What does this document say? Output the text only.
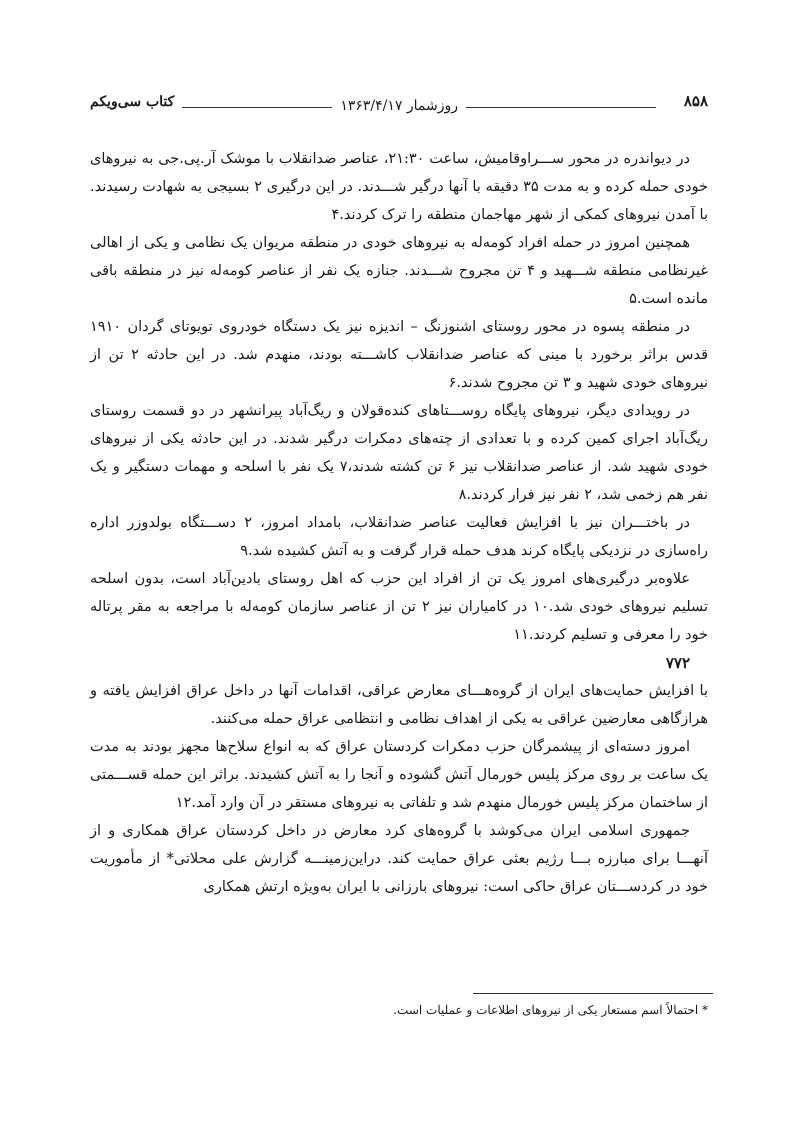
۸۵۸
روزشمار ۱۳۶۳/۴/۱۷
کتاب سی‌ویکم

در دیواندره در محور ســـراوقامیش، ساعت ۲۱:۳۰، عناصر ضدانقلاب با موشک آر.پی.جی به نیروهای خودی حمله کرده و به مدت ۳۵ دقیقه با آنها درگیر شـــدند. در این درگیری ۲ بسیجی به شهادت رسیدند. با آمدن نیروهای کمکی از شهر مهاجمان منطقه را ترک کردند.۴

همچنین امروز در حمله افراد کومه‌له به نیروهای خودی در منطقه مریوان یک نظامی و یکی از اهالی غیرنظامی منطقه شـــهید و ۴ تن مجروح شـــدند. جنازه یک نفر از عناصر کومه‌له نیز در منطقه باقی مانده است.۵

در منطقه پسوه در محور روستای اشنوزنگ – اندیزه نیز یک دستگاه خودروی تویوتای گردان ۱۹۱۰ قدس براثر برخورد با مینی که عناصر ضدانقلاب کاشـــته بودند، منهدم شد. در این حادثه ۲ تن از نیروهای خودی شهید و ۳ تن مجروح شدند.۶

در رویدادی دیگر، نیروهای پایگاه روســـتاهای کنده‌قولان و ریگ‌آباد پیرانشهر در دو قسمت روستای ریگ‌آباد اجرای کمین کرده و با تعدادی از چته‌های دمکرات درگیر شدند. در این حادثه یکی از نیروهای خودی شهید شد. از عناصر ضدانقلاب نیز ۶ تن کشته شدند،۷ یک نفر با اسلحه و مهمات دستگیر و یک نفر هم زخمی شد، ۲ نفر نیز فرار کردند.۸

در باختـــران نیز با افزایش فعالیت عناصر ضدانقلاب، بامداد امروز، ۲ دســـتگاه بولدوزر اداره راه‌سازی در نزدیکی پایگاه کرند هدف حمله قرار گرفت و به آتش کشیده شد.۹

علاوه‌بر درگیری‌های امروز یک تن از افراد این حزب که اهل روستای بادین‌آباد است، بدون اسلحه تسلیم نیروهای خودی شد.۱۰ در کامیاران نیز ۲ تن از عناصر سازمان کومه‌له با مراجعه به مقر پرتاله خود را معرفی و تسلیم کردند.۱۱

۷۷۲

با افزایش حمایت‌های ایران از گروه‌هـــای معارض عراقی، اقدامات آنها در داخل عراق افزایش یافته و هرازگاهی معارضین عراقی به یکی از اهداف نظامی و انتظامی عراق حمله می‌کنند.

امروز دسته‌ای از پیشمرگان حزب دمکرات کردستان عراق که به انواع سلاح‌ها مجهز بودند به مدت یک ساعت بر روی مرکز پلیس خورمال آتش گشوده و آنجا را به آتش کشیدند. براثر این حمله قســـمتی از ساختمان مرکز پلیس خورمال منهدم شد و تلفاتی به نیروهای مستقر در آن وارد آمد.۱۲

جمهوری اسلامی ایران می‌کوشد با گروه‌های کرد معارض در داخل کردستان عراق همکاری و از آنهـــا برای مبارزه بـــا رژیم بعثی عراق حمایت کند. دراین‌زمینـــه گزارش علی محلاتی* از مأموریت خود در کردســـتان عراق حاکی است: نیروهای بارزانی با ایران به‌ویژه ارتش همکاری

* احتمالاً اسم مستعار یکی از نیروهای اطلاعات و عملیات است.
